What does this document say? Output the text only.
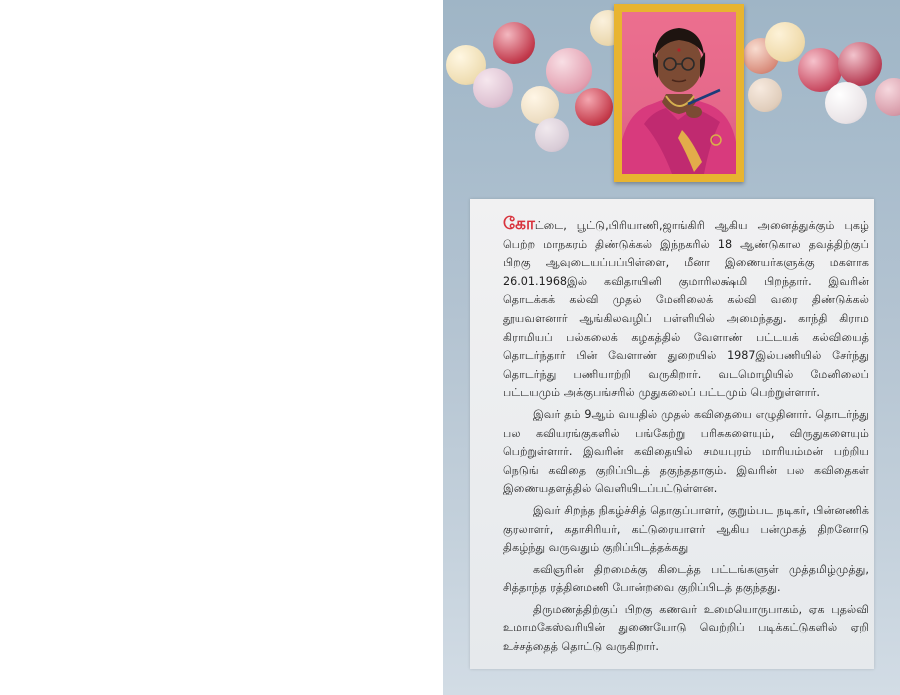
கோட்டை, பூட்டு,பிரியாணி,ஜாங்கிரி ஆகிய அனைத்துக்கும் புகழ் பெற்ற மாநகரம் திண்டுக்கல் இந்நகரில் 18 ஆண்டுகால தவத்திற்குப் பிறகு ஆவுடையப்பப்பிள்ளை, மீனா இணையர்களுக்கு மகளாக 26.01.1968இல் கவிதாயினி குமாரிலக்ஷ்மி பிறந்தார். இவரின் தொடக்கக் கல்வி முதல் மேனிலைக் கல்வி வரை திண்டுக்கல் தூயவளனார் ஆங்கிலவழிப் பள்ளியில் அமைந்தது. காந்தி கிராம கிராமியப் பல்கலைக் கழகத்தில் வேளாண் பட்டயக் கல்வியைத் தொடர்ந்தார் பின் வேளாண் துறையில் 1987இல்பணியில் சேர்ந்து தொடர்ந்து பணியாற்றி வருகிறார். வடமொழியில் மேனிலைப் பட்டயமும் அக்குபங்சரில் முதுகலைப் பட்டமும் பெற்றுள்ளார்.

இவர் தம் 9ஆம் வயதில் முதல் கவிதையை எழுதினார். தொடர்ந்து பல கவியரங்குகளில் பங்கேற்று பரிசுகளையும், விருதுகளையும் பெற்றுள்ளார். இவரின் கவிதையில் சமயபுரம் மாரியம்மன் பற்றிய நெடுங் கவிதை குறிப்பிடத் தகுந்ததாகும். இவரின் பல கவிதைகள் இணையதளத்தில் வெளியிடப்பட்டுள்ளன.

இவர் சிறந்த நிகழ்ச்சித் தொகுப்பாளர், குறும்பட நடிகர், பின்னணிக் குரலாளர், கதாசிரியர், கட்டுரையாளர் ஆகிய பன்முகத் திறனோடு திகழ்ந்து வருவதும் குறிப்பிடத்தக்கது

கவிஞரின் திறமைக்கு கிடைத்த பட்டங்களுள் முத்தமிழ்முத்து, சித்தாந்த ரத்தினமணி போன்றவை குறிப்பிடத் தகுந்தது.

திருமணத்திற்குப் பிறகு கணவர் உமையொருபாகம், ஏக புதல்வி உமாமகேஸ்வரியின் துணையோடு வெற்றிப் படிக்கட்டுகளில் ஏறி உச்சத்தைத் தொட்டு வருகிறார்.
